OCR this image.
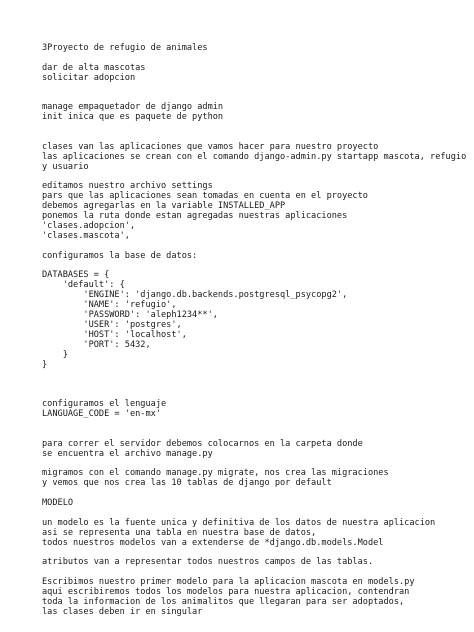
3Proyecto de refugio de animales
dar de alta mascotas
solicitar adopcion
manage empaquetador de django admin
init inica que es paquete de python
clases van las aplicaciones que vamos hacer para nuestro proyecto
las aplicaciones se crean con el comando django-admin.py startapp mascota, refugio
y usuario
editamos nuestro archivo settings
pars que las aplicaciones sean tomadas en cuenta en el proyecto
debemos agregarlas en la variable INSTALLED_APP
ponemos la ruta donde estan agregadas nuestras aplicaciones
'clases.adopcion',
'clases.mascota',
configuramos la base de datos:
DATABASES = {
'default': {
'ENGINE': 'django.db.backends.postgresql_psycopg2',
'NAME': 'refugio',
'PASSWORD': 'aleph1234**',
'USER': 'postgres',
'HOST': 'localhost',
'PORT': 5432,
}
}
configuramos el lenguaje
LANGUAGE_CODE = 'en-mx'
para correr el servidor debemos colocarnos en la carpeta donde
se encuentra el archivo manage.py
migramos con el comando manage.py migrate, nos crea las migraciones
y vemos que nos crea las 10 tablas de django por default
MODELO
un modelo es la fuente unica y definitiva de los datos de nuestra aplicacion
asi se representa una tabla en nuestra base de datos,
todos nuestros modelos van a extenderse de *django.db.models.Model
atributos van a representar todos nuestros campos de las tablas.
Escribimos nuestro primer modelo para la aplicacion mascota en models.py
aqui escribiremos todos los modelos para nuestra aplicacion, contendran
toda la informacion de los animalitos que llegaran para ser adoptados,
las clases deben ir en singular
